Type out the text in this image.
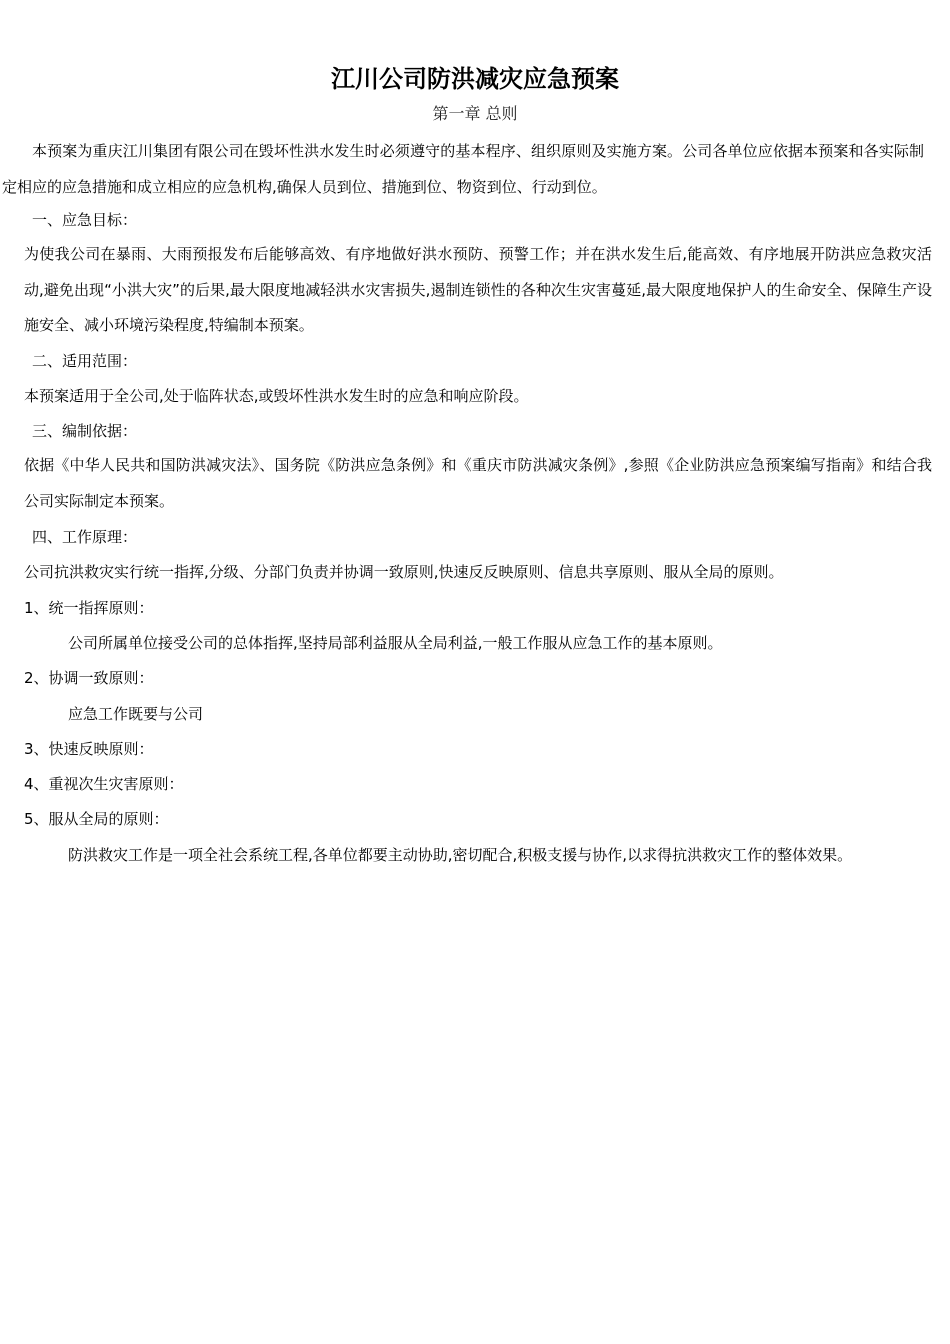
江川公司防洪减灾应急预案
第一章 总则

本预案为重庆江川集团有限公司在毁坏性洪水发生时必须遵守的基本程序、组织原则及实施方案。公司各单位应依据本预案和各实际制定相应的应急措施和成立相应的应急机构,确保人员到位、措施到位、物资到位、行动到位。

一、应急目标：

为使我公司在暴雨、大雨预报发布后能够高效、有序地做好洪水预防、预警工作；并在洪水发生后,能高效、有序地展开防洪应急救灾活动,避免出现“小洪大灾”的后果,最大限度地减轻洪水灾害损失,遏制连锁性的各种次生灾害蔓延,最大限度地保护人的生命安全、保障生产设施安全、减小环境污染程度,特编制本预案。

二、适用范围：

本预案适用于全公司,处于临阵状态,或毁坏性洪水发生时的应急和响应阶段。

三、编制依据：

依据《中华人民共和国防洪减灾法》、国务院《防洪应急条例》和《重庆市防洪减灾条例》,参照《企业防洪应急预案编写指南》和结合我公司实际制定本预案。

四、工作原理：

公司抗洪救灾实行统一指挥,分级、分部门负责并协调一致原则,快速反反映原则、信息共享原则、服从全局的原则。

1、统一指挥原则：

公司所属单位接受公司的总体指挥,坚持局部利益服从全局利益,一般工作服从应急工作的基本原则。

2、协调一致原则：

应急工作既要与公司

3、快速反映原则：

4、重视次生灾害原则：

5、服从全局的原则：

防洪救灾工作是一项全社会系统工程,各单位都要主动协助,密切配合,积极支援与协作,以求得抗洪救灾工作的整体效果。
